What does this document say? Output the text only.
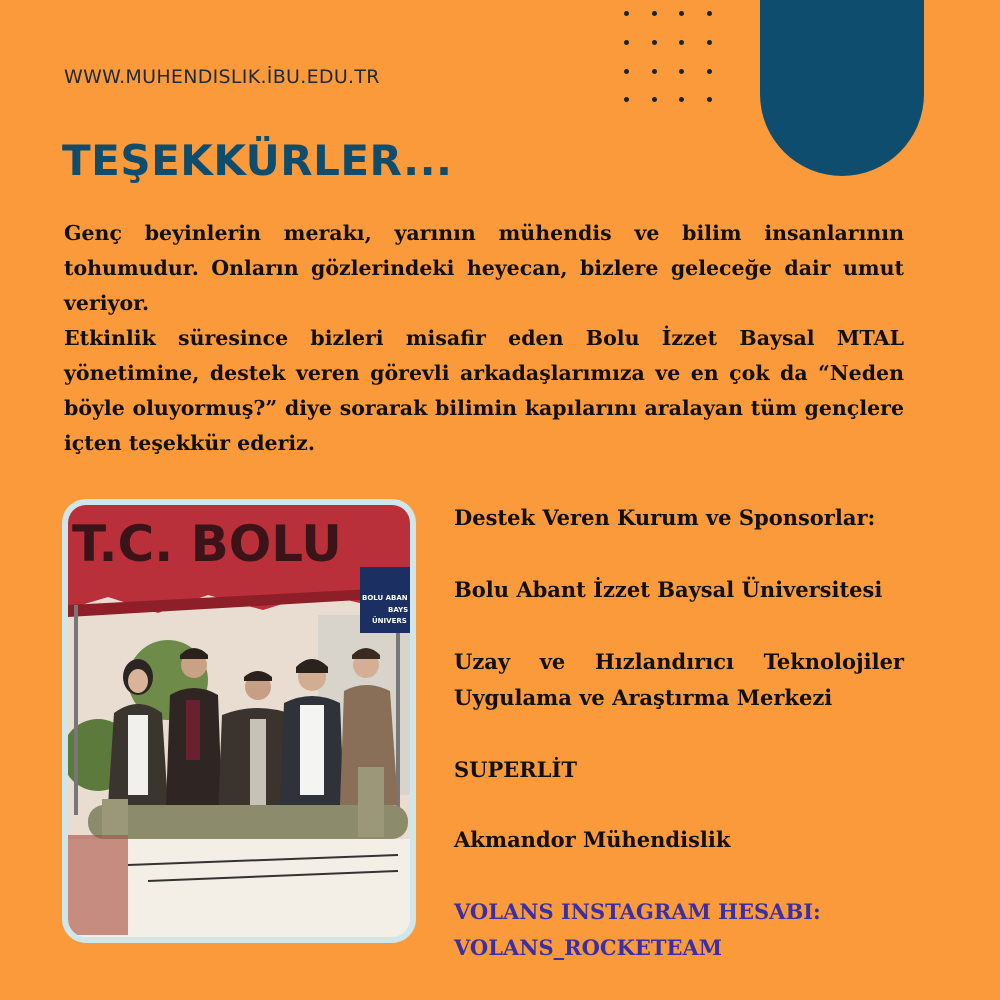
WWW.MUHENDISLIK.İBU.EDU.TR
TEŞEKKÜRLER...

Genç beyinlerin merakı, yarının mühendis ve bilim insanlarının tohumudur. Onların gözlerindeki heyecan, bizlere geleceğe dair umut veriyor.

Etkinlik süresince bizleri misafir eden Bolu İzzet Baysal MTAL yönetimine, destek veren görevli arkadaşlarımıza ve en çok da “Neden böyle oluyormuş?” diye sorarak bilimin kapılarını aralayan tüm gençlere içten teşekkür ederiz.

T.C. BOLU
BOLU ABAN
BAYS
ÜNIVERS
Destek Veren Kurum ve Sponsorlar:
Bolu Abant İzzet Baysal Üniversitesi
Uzay ve Hızlandırıcı Teknolojiler Uygulama ve Araştırma Merkezi
SUPERLİT
Akmandor Mühendislik
VOLANS INSTAGRAM HESABI:
VOLANS_ROCKETEAM
